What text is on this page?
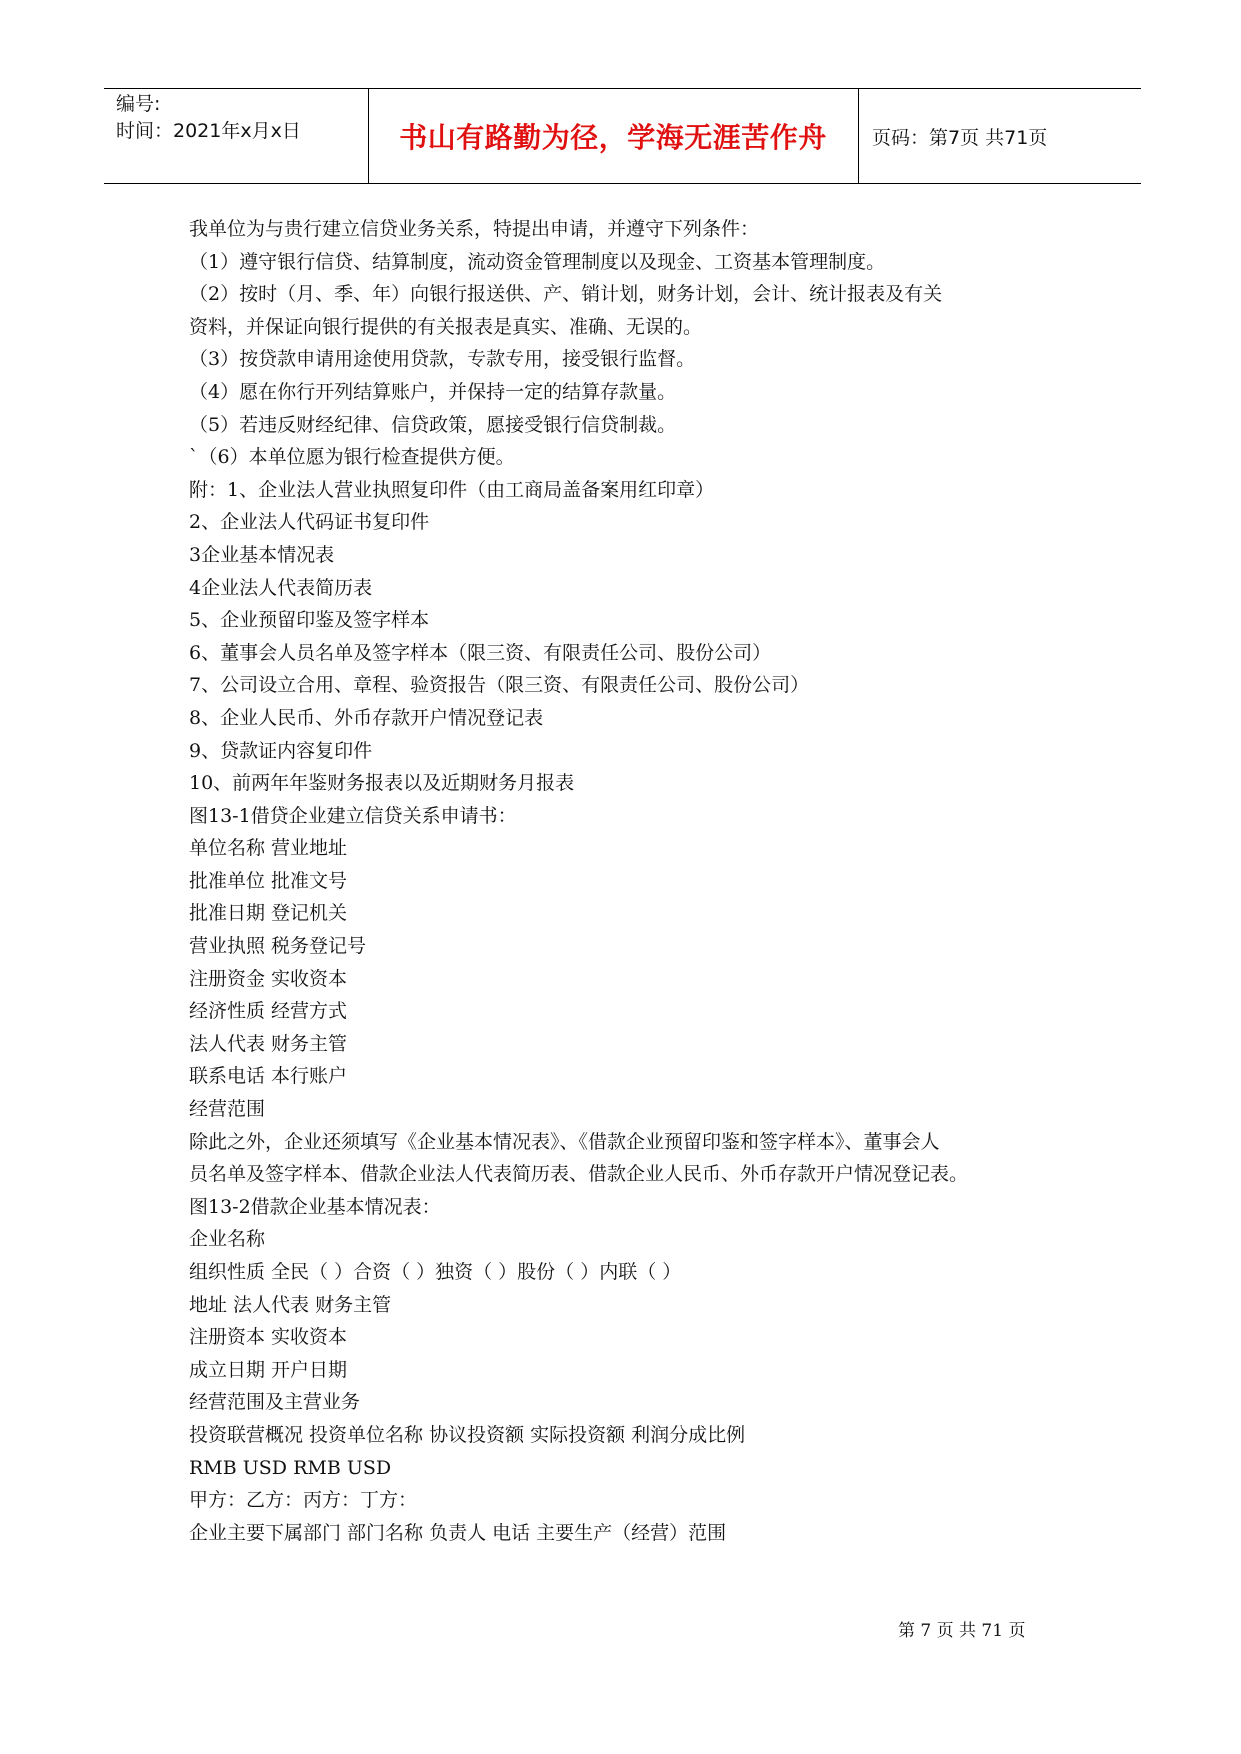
编号:
时间：2021年x月x日	书山有路勤为径，学海无涯苦作舟	页码：第7页 共71页

我单位为与贵行建立信贷业务关系，特提出申请，并遵守下列条件：

（1）遵守银行信贷、结算制度，流动资金管理制度以及现金、工资基本管理制度。

（2）按时（月、季、年）向银行报送供、产、销计划，财务计划，会计、统计报表及有关

资料，并保证向银行提供的有关报表是真实、准确、无误的。

（3）按贷款申请用途使用贷款，专款专用，接受银行监督。

（4）愿在你行开列结算账户，并保持一定的结算存款量。

（5）若违反财经纪律、信贷政策，愿接受银行信贷制裁。

`（6）本单位愿为银行检查提供方便。

附：1、企业法人营业执照复印件（由工商局盖备案用红印章）

2、企业法人代码证书复印件

3企业基本情况表

4企业法人代表简历表

5、企业预留印鉴及签字样本

6、董事会人员名单及签字样本（限三资、有限责任公司、股份公司）

7、公司设立合用、章程、验资报告（限三资、有限责任公司、股份公司）

8、企业人民币、外币存款开户情况登记表

9、贷款证内容复印件

10、前两年年鉴财务报表以及近期财务月报表

图13-1借贷企业建立信贷关系申请书：

单位名称 营业地址

批准单位 批准文号

批准日期 登记机关

营业执照 税务登记号

注册资金 实收资本

经济性质 经营方式

法人代表 财务主管

联系电话 本行账户

经营范围

除此之外，企业还须填写《企业基本情况表》、《借款企业预留印鉴和签字样本》、董事会人

员名单及签字样本、借款企业法人代表简历表、借款企业人民币、外币存款开户情况登记表。

图13-2借款企业基本情况表：

企业名称

组织性质 全民（ ）合资（ ）独资（ ）股份（ ）内联（ ）

地址 法人代表 财务主管

注册资本 实收资本

成立日期 开户日期

经营范围及主营业务

投资联营概况 投资单位名称 协议投资额 实际投资额 利润分成比例

RMB USD RMB USD

甲方：乙方：丙方：丁方：

企业主要下属部门 部门名称 负责人 电话 主要生产（经营）范围

第 7 页 共 71 页
